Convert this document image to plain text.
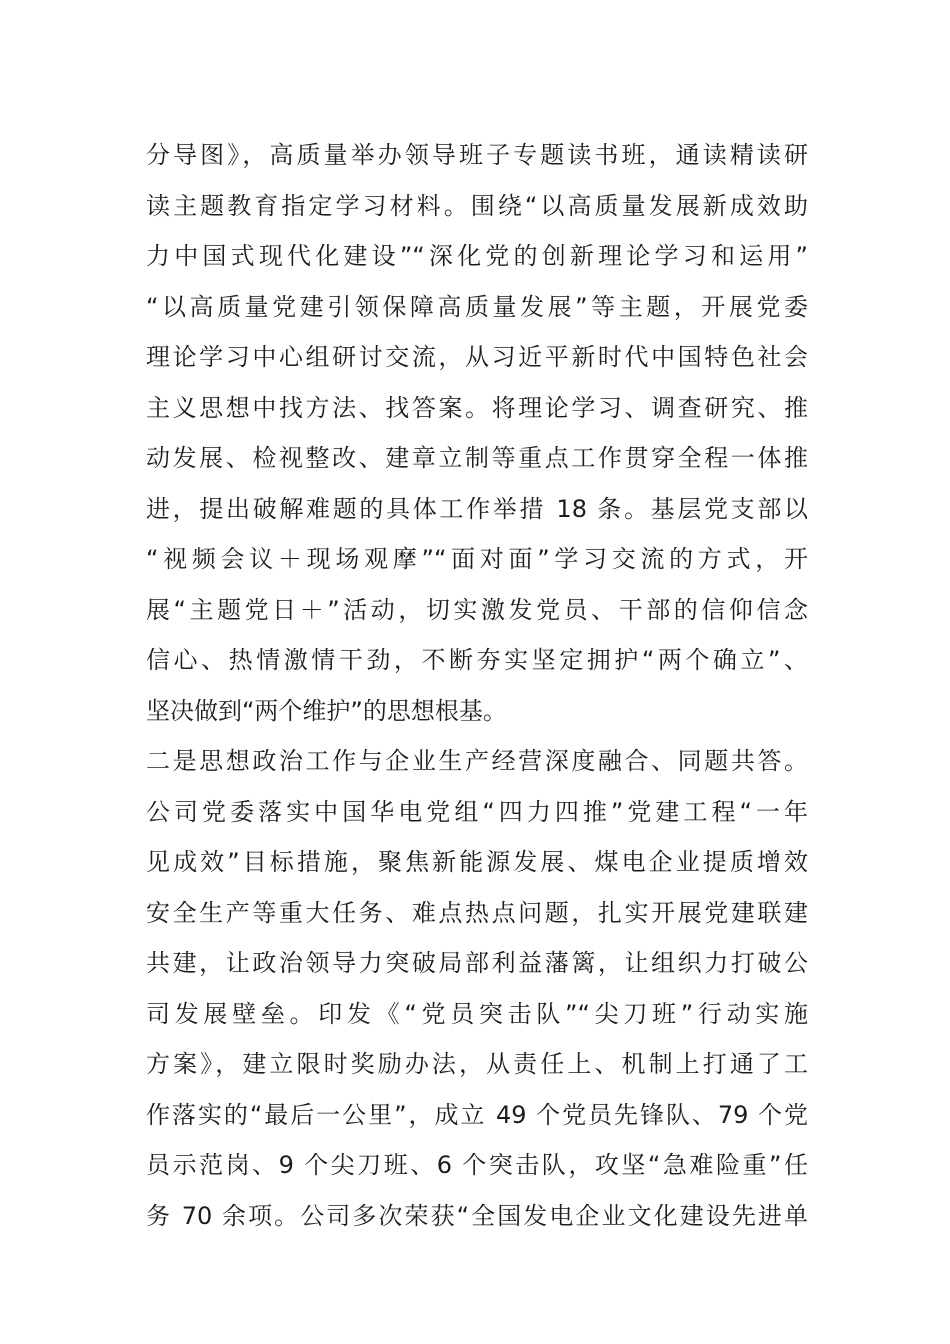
分导图》，高质量举办领导班子专题读书班，通读精读研
读主题教育指定学习材料。围绕“以高质量发展新成效助
力中国式现代化建设”“深化党的创新理论学习和运用”
“以高质量党建引领保障高质量发展”等主题，开展党委
理论学习中心组研讨交流，从习近平新时代中国特色社会
主义思想中找方法、找答案。将理论学习、调查研究、推
动发展、检视整改、建章立制等重点工作贯穿全程一体推
进，提出破解难题的具体工作举措 18 条。基层党支部以
“视频会议＋现场观摩”“面对面”学习交流的方式，开
展“主题党日＋”活动，切实激发党员、干部的信仰信念
信心、热情激情干劲，不断夯实坚定拥护“两个确立”、
坚决做到“两个维护”的思想根基。
二是思想政治工作与企业生产经营深度融合、同题共答。
公司党委落实中国华电党组“四力四推”党建工程“一年
见成效”目标措施，聚焦新能源发展、煤电企业提质增效
安全生产等重大任务、难点热点问题，扎实开展党建联建
共建，让政治领导力突破局部利益藩篱，让组织力打破公
司发展壁垒。印发《“党员突击队”“尖刀班”行动实施
方案》，建立限时奖励办法，从责任上、机制上打通了工
作落实的“最后一公里”，成立 49 个党员先锋队、79 个党
员示范岗、9 个尖刀班、6 个突击队，攻坚“急难险重”任
务 70 余项。公司多次荣获“全国发电企业文化建设先进单
